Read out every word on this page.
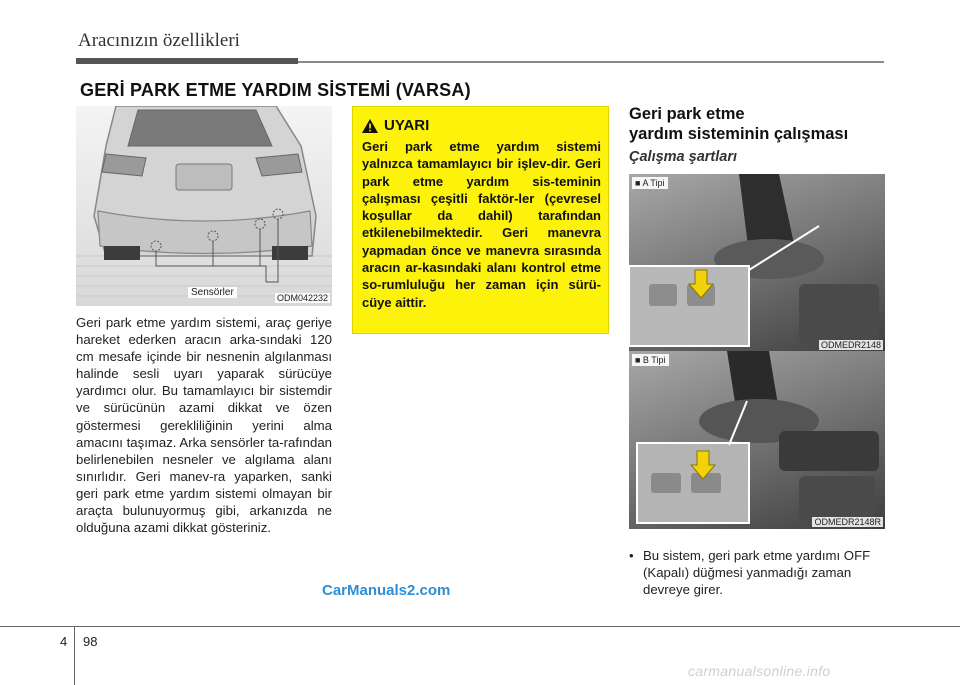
Aracınızın özellikleri
GERİ PARK ETME YARDIM SİSTEMİ (VARSA)
Sensörler	ODM042232
Geri park etme yardım sistemi, araç geriye hareket ederken aracın arka-sındaki 120 cm mesafe içinde bir nesnenin algılanması halinde sesli uyarı yaparak sürücüye yardımcı olur. Bu tamamlayıcı bir sistemdir ve sürücünün azami dikkat ve özen göstermesi gerekliliğinin yerini alma amacını taşımaz. Arka sensörler ta-rafından belirlenebilen nesneler ve algılama alanı sınırlıdır. Geri manev-ra yaparken, sanki geri park etme yardım sistemi olmayan bir araçta bulunuyormuş gibi, arkanızda ne olduğuna azami dikkat gösteriniz.
UYARI
Geri park etme yardım sistemi yalnızca tamamlayıcı bir işlev-dir. Geri park etme yardım sis-teminin çalışması çeşitli faktör-ler (çevresel koşullar da dahil) tarafından etkilenebilmektedir. Geri manevra yapmadan önce ve manevra sırasında aracın ar-kasındaki alanı kontrol etme so-rumluluğu her zaman için sürü-cüye aittir.
Geri park etme
yardım sisteminin çalışması
Çalışma şartları
■ A Tipi
ODMEDR2148
■ B Tipi
ODMEDR2148R
• Bu sistem, geri park etme yardımı OFF (Kapalı) düğmesi yanmadığı zaman devreye girer.
CarManuals2.com
4 98
carmanualsonline.info
